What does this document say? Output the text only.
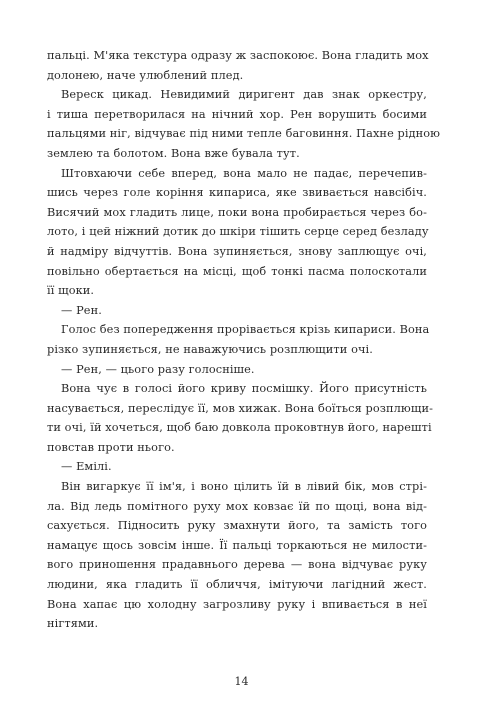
пальці. М'яка текстура одразу ж заспокоює. Вона гладить мох
долонею, наче улюблений плед.
Вереск цикад. Невидимий диригент дав знак оркестру,
і тиша перетворилася на нічний хор. Рен ворушить босими
пальцями ніг, відчуває під ними тепле баговиння. Пахне рідною
землею та болотом. Вона вже бувала тут.
Штовхаючи себе вперед, вона мало не падає, перечепив-
шись через голе коріння кипариса, яке звивається навсібіч.
Висячий мох гладить лице, поки вона пробирається через бо-
лото, і цей ніжний дотик до шкіри тішить серце серед безладу
й надміру відчуттів. Вона зупиняється, знову заплющує очі,
повільно обертається на місці, щоб тонкі пасма полоскотали
її щоки.
— Рен.
Голос без попередження прорівається крізь кипариси. Вона
різко зупиняється, не наважуючись розплющити очі.
— Рен, — цього разу голосніше.
Вона чує в голосі його криву посмішку. Його присутність
насувається, переслідує її, мов хижак. Вона боїться розплющи-
ти очі, їй хочеться, щоб баю довкола проковтнув його, нарешті
повстав проти нього.
— Емілі.
Він вигаркує її ім'я, і воно цілить їй в лівий бік, мов стрі-
ла. Від ледь помітного руху мох ковзає їй по щоці, вона від-
сахується. Підносить руку змахнути його, та замість того
намацує щось зовсім інше. Її пальці торкаються не милости-
вого приношення прадавнього дерева — вона відчуває руку
людини, яка гладить її обличчя, імітуючи лагідний жест.
Вона хапає цю холодну загрозливу руку і впивається в неї
нігтями.
14
